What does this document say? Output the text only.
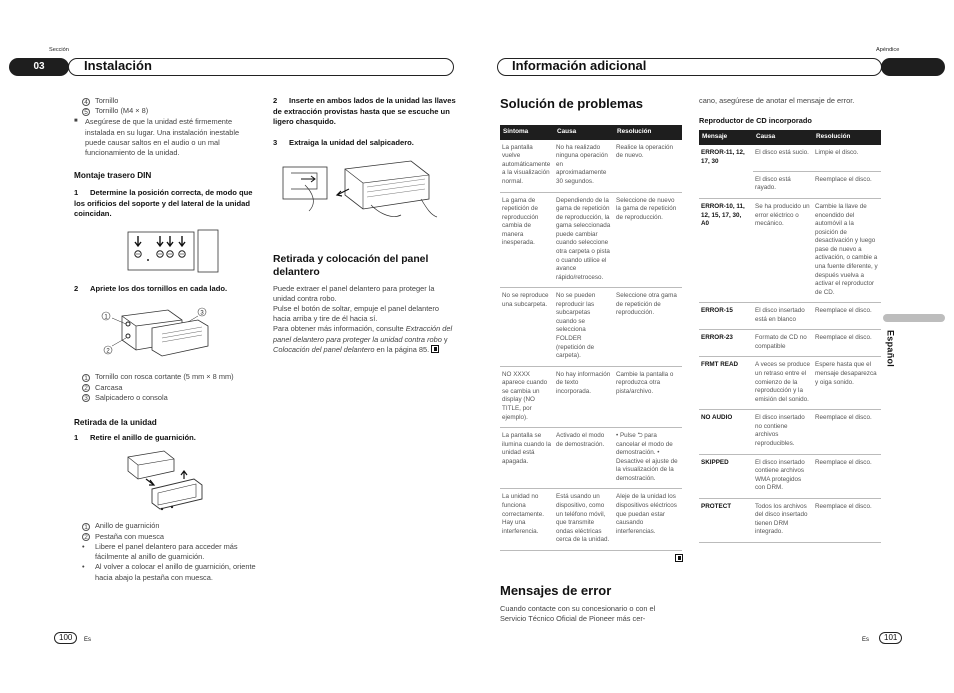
Sección
03	Instalación
4 Tornillo
5 Tornillo (M4 × 8)
■ Asegúrese de que la unidad esté firmemente instalada en su lugar. Una instalación inestable puede causar saltos en el audio o un mal funcionamiento de la unidad.
Montaje trasero DIN
1 Determine la posición correcta, de modo que los orificios del soporte y del lateral de la unidad coincidan.
2 Apriete los dos tornillos en cada lado.
1
2
3
1 Tornillo con rosca cortante (5 mm × 8 mm)
2 Carcasa
3 Salpicadero o consola
Retirada de la unidad
1 Retire el anillo de guarnición.
1 Anillo de guarnición
2 Pestaña con muesca
•	Libere el panel delantero para acceder más fácilmente al anillo de guarnición.
•	Al volver a colocar el anillo de guarnición, oriente hacia abajo la pestaña con muesca.
2 Inserte en ambos lados de la unidad las llaves de extracción provistas hasta que se escuche un ligero chasquido.
3 Extraiga la unidad del salpicadero.
Retirada y colocación del panel delantero

Puede extraer el panel delantero para proteger la unidad contra robo.

Pulse el botón de soltar, empuje el panel delantero hacia arriba y tire de él hacia sí.

Para obtener más información, consulte Extracción del panel delantero para proteger la unidad contra robo y Colocación del panel delantero en la página 85.

100	Es
Apéndice
Información adicional
Solución de problemas
Síntoma	Causa	Resolución
La pantalla vuelve automáticamente a la visualización normal.	No ha realizado ninguna operación en aproximadamente 30 segundos.	Realice la operación de nuevo.
La gama de repetición de reproducción cambia de manera inesperada.	Dependiendo de la gama de repetición de reproducción, la gama seleccionada puede cambiar cuando seleccione otra carpeta o pista o cuando utilice el avance rápido/retroceso.	Seleccione de nuevo la gama de repetición de reproducción.
No se reproduce una subcarpeta.	No se pueden reproducir las subcarpetas cuando se selecciona FOLDER (repetición de carpeta).	Seleccione otra gama de repetición de reproducción.
NO XXXX aparece cuando se cambia un display (NO TITLE, por ejemplo).	No hay información de texto incorporada.	Cambie la pantalla o reproduzca otra pista/archivo.
La pantalla se ilumina cuando la unidad está apagada.	Activado el modo de demostración.	• Pulse ⮌ para cancelar el modo de demostración. • Desactive el ajuste de la visualización de la demostración.
La unidad no funciona correctamente. Hay una interferencia.	Está usando un dispositivo, como un teléfono móvil, que transmite ondas eléctricas cerca de la unidad.	Aleje de la unidad los dispositivos eléctricos que puedan estar causando interferencias.
Mensajes de error

Cuando contacte con su concesionario o con el Servicio Técnico Oficial de Pioneer más cer-

cano, asegúrese de anotar el mensaje de error.

Reproductor de CD incorporado
Mensaje	Causa	Resolución
ERROR-11, 12, 17, 30	El disco está sucio.	Limpie el disco.
	El disco está rayado.	Reemplace el disco.
ERROR-10, 11, 12, 15, 17, 30, A0	Se ha producido un error eléctrico o mecánico.	Cambie la llave de encendido del automóvil a la posición de desactivación y luego pase de nuevo a activación, o cambie a una fuente diferente, y después vuelva a activar el reproductor de CD.
ERROR-15	El disco insertado está en blanco	Reemplace el disco.
ERROR-23	Formato de CD no compatible	Reemplace el disco.
FRMT READ	A veces se produce un retraso entre el comienzo de la reproducción y la emisión del sonido.	Espere hasta que el mensaje desaparezca y oiga sonido.
NO AUDIO	El disco insertado no contiene archivos reproducibles.	Reemplace el disco.
SKIPPED	El disco insertado contiene archivos WMA protegidos con DRM.	Reemplace el disco.
PROTECT	Todos los archivos del disco insertado tienen DRM integrado.	Reemplace el disco.
Español
Es	101
